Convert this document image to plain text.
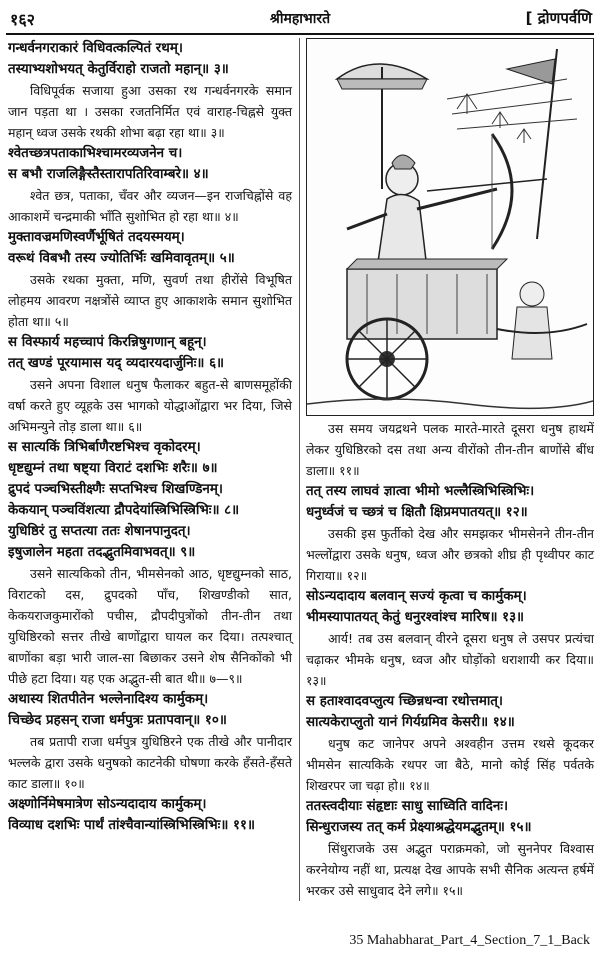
१६२	श्रीमहाभारते	[ द्रोणपर्वणि
गन्धर्वनगराकारं विधिवत्कल्पितं रथम्।
तस्याभ्यशोभयत् केतुर्विराहो राजतो महान्॥ ३॥
विधिपूर्वक सजाया हुआ उसका रथ गन्धर्वनगरके समान जान पड़ता था । उसका रजतनिर्मित एवं वाराह-चिह्नसे युक्त महान् ध्वज उसके रथकी शोभा बढ़ा रहा था॥ ३॥
श्वेतच्छत्रपताकाभिश्चामरव्यजनेन च।
स बभौ राजलिङ्गैस्तैस्तारापतिरिवाम्बरे॥ ४॥
श्वेत छत्र, पताका, चँवर और व्यजन—इन राजचिह्नोंसे वह आकाशमें चन्द्रमाकी भाँति सुशोभित हो रहा था॥ ४॥
मुक्तावज्रमणिस्वर्णैर्भूषितं तदयस्मयम्।
वरूथं विबभौ तस्य ज्योतिर्भिः खमिवावृतम्॥ ५॥
उसके रथका मुक्ता, मणि, सुवर्ण तथा हीरोंसे विभूषित लोहमय आवरण नक्षत्रोंसे व्याप्त हुए आकाशके समान सुशोभित होता था॥ ५॥
स विस्फार्य महच्चापं किरन्निषुगणान् बहून्।
तत् खण्डं पूरयामास यद् व्यदारयदार्जुनिः॥ ६॥
उसने अपना विशाल धनुष फैलाकर बहुत-से बाणसमूहोंकी वर्षा करते हुए व्यूहके उस भागको योद्धाओंद्वारा भर दिया, जिसे अभिमन्युने तोड़ डाला था॥ ६॥
स सात्यकिं त्रिभिर्बाणैरष्टभिश्च वृकोदरम्।
धृष्टद्युम्नं तथा षष्ट्या विराटं दशभिः शरैः॥ ७॥
द्रुपदं पञ्चभिस्तीक्ष्णैः सप्तभिश्च शिखण्डिनम्।
केकयान् पञ्चविंशत्या द्रौपदेयांस्त्रिभिस्त्रिभिः॥ ८॥
युधिष्ठिरं तु सप्तत्या ततः शेषानपानुदत्।
इषुजालेन महता तदद्भुतमिवाभवत्॥ ९॥
उसने सात्यकिको तीन, भीमसेनको आठ, धृष्टद्युम्नको साठ, विराटको दस, द्रुपदको पाँच, शिखण्डीको सात, केकयराजकुमारोंको पचीस, द्रौपदीपुत्रोंको तीन-तीन तथा युधिष्ठिरको सत्तर तीखे बाणोंद्वारा घायल कर दिया। तत्पश्चात् बाणोंका बड़ा भारी जाल-सा बिछाकर उसने शेष सैनिकोंको भी पीछे हटा दिया। यह एक अद्भुत-सी बात थी॥ ७—९॥
अथास्य शितपीतेन भल्लेनादिश्य कार्मुकम्।
चिच्छेद प्रहसन् राजा धर्मपुत्रः प्रतापवान्॥ १०॥
तब प्रतापी राजा धर्मपुत्र युधिष्ठिरने एक तीखे और पानीदार भल्लके द्वारा उसके धनुषको काटनेकी घोषणा करके हँसते-हँसते काट डाला॥ १०॥
अक्ष्णोर्निमेषमात्रेण सोऽन्यदादाय कार्मुकम्।
विव्याध दशभिः पार्थं तांश्चैवान्यांस्त्रिभिस्त्रिभिः॥ ११॥
उस समय जयद्रथने पलक मारते-मारते दूसरा धनुष हाथमें लेकर युधिष्ठिरको दस तथा अन्य वीरोंको तीन-तीन बाणोंसे बींध डाला॥ ११॥
तत् तस्य लाघवं ज्ञात्वा भीमो भल्लैस्त्रिभिस्त्रिभिः।
धनुर्ध्वजं च च्छत्रं च क्षितौ क्षिप्रमपातयत्॥ १२॥
उसकी इस फुर्तीको देख और समझकर भीमसेनने तीन-तीन भल्लोंद्वारा उसके धनुष, ध्वज और छत्रको शीघ्र ही पृथ्वीपर काट गिराया॥ १२॥
सोऽन्यदादाय बलवान् सज्यं कृत्वा च कार्मुकम्।
भीमस्यापातयत् केतुं धनुरश्वांश्च मारिष॥ १३॥
आर्य! तब उस बलवान् वीरने दूसरा धनुष ले उसपर प्रत्यंचा चढ़ाकर भीमके धनुष, ध्वज और घोड़ोंको धराशायी कर दिया॥ १३॥
स हताश्वादवप्लुत्य च्छिन्नधन्वा रथोत्तमात्।
सात्यकेराप्लुतो यानं गिर्यग्रमिव केसरी॥ १४॥
धनुष कट जानेपर अपने अश्वहीन उत्तम रथसे कूदकर भीमसेन सात्यकिके रथपर जा बैठे, मानो कोई सिंह पर्वतके शिखरपर जा चढ़ा हो॥ १४॥
ततस्त्वदीयाः संहृष्टाः साधु साध्विति वादिनः।
सिन्धुराजस्य तत् कर्म प्रेक्ष्याश्रद्धेयमद्भुतम्॥ १५॥
सिंधुराजके उस अद्भुत पराक्रमको, जो सुननेपर विश्वास करनेयोग्य नहीं था, प्रत्यक्ष देख आपके सभी सैनिक अत्यन्त हर्षमें भरकर उसे साधुवाद देने लगे॥ १५॥
35 Mahabharat_Part_4_Section_7_1_Back
